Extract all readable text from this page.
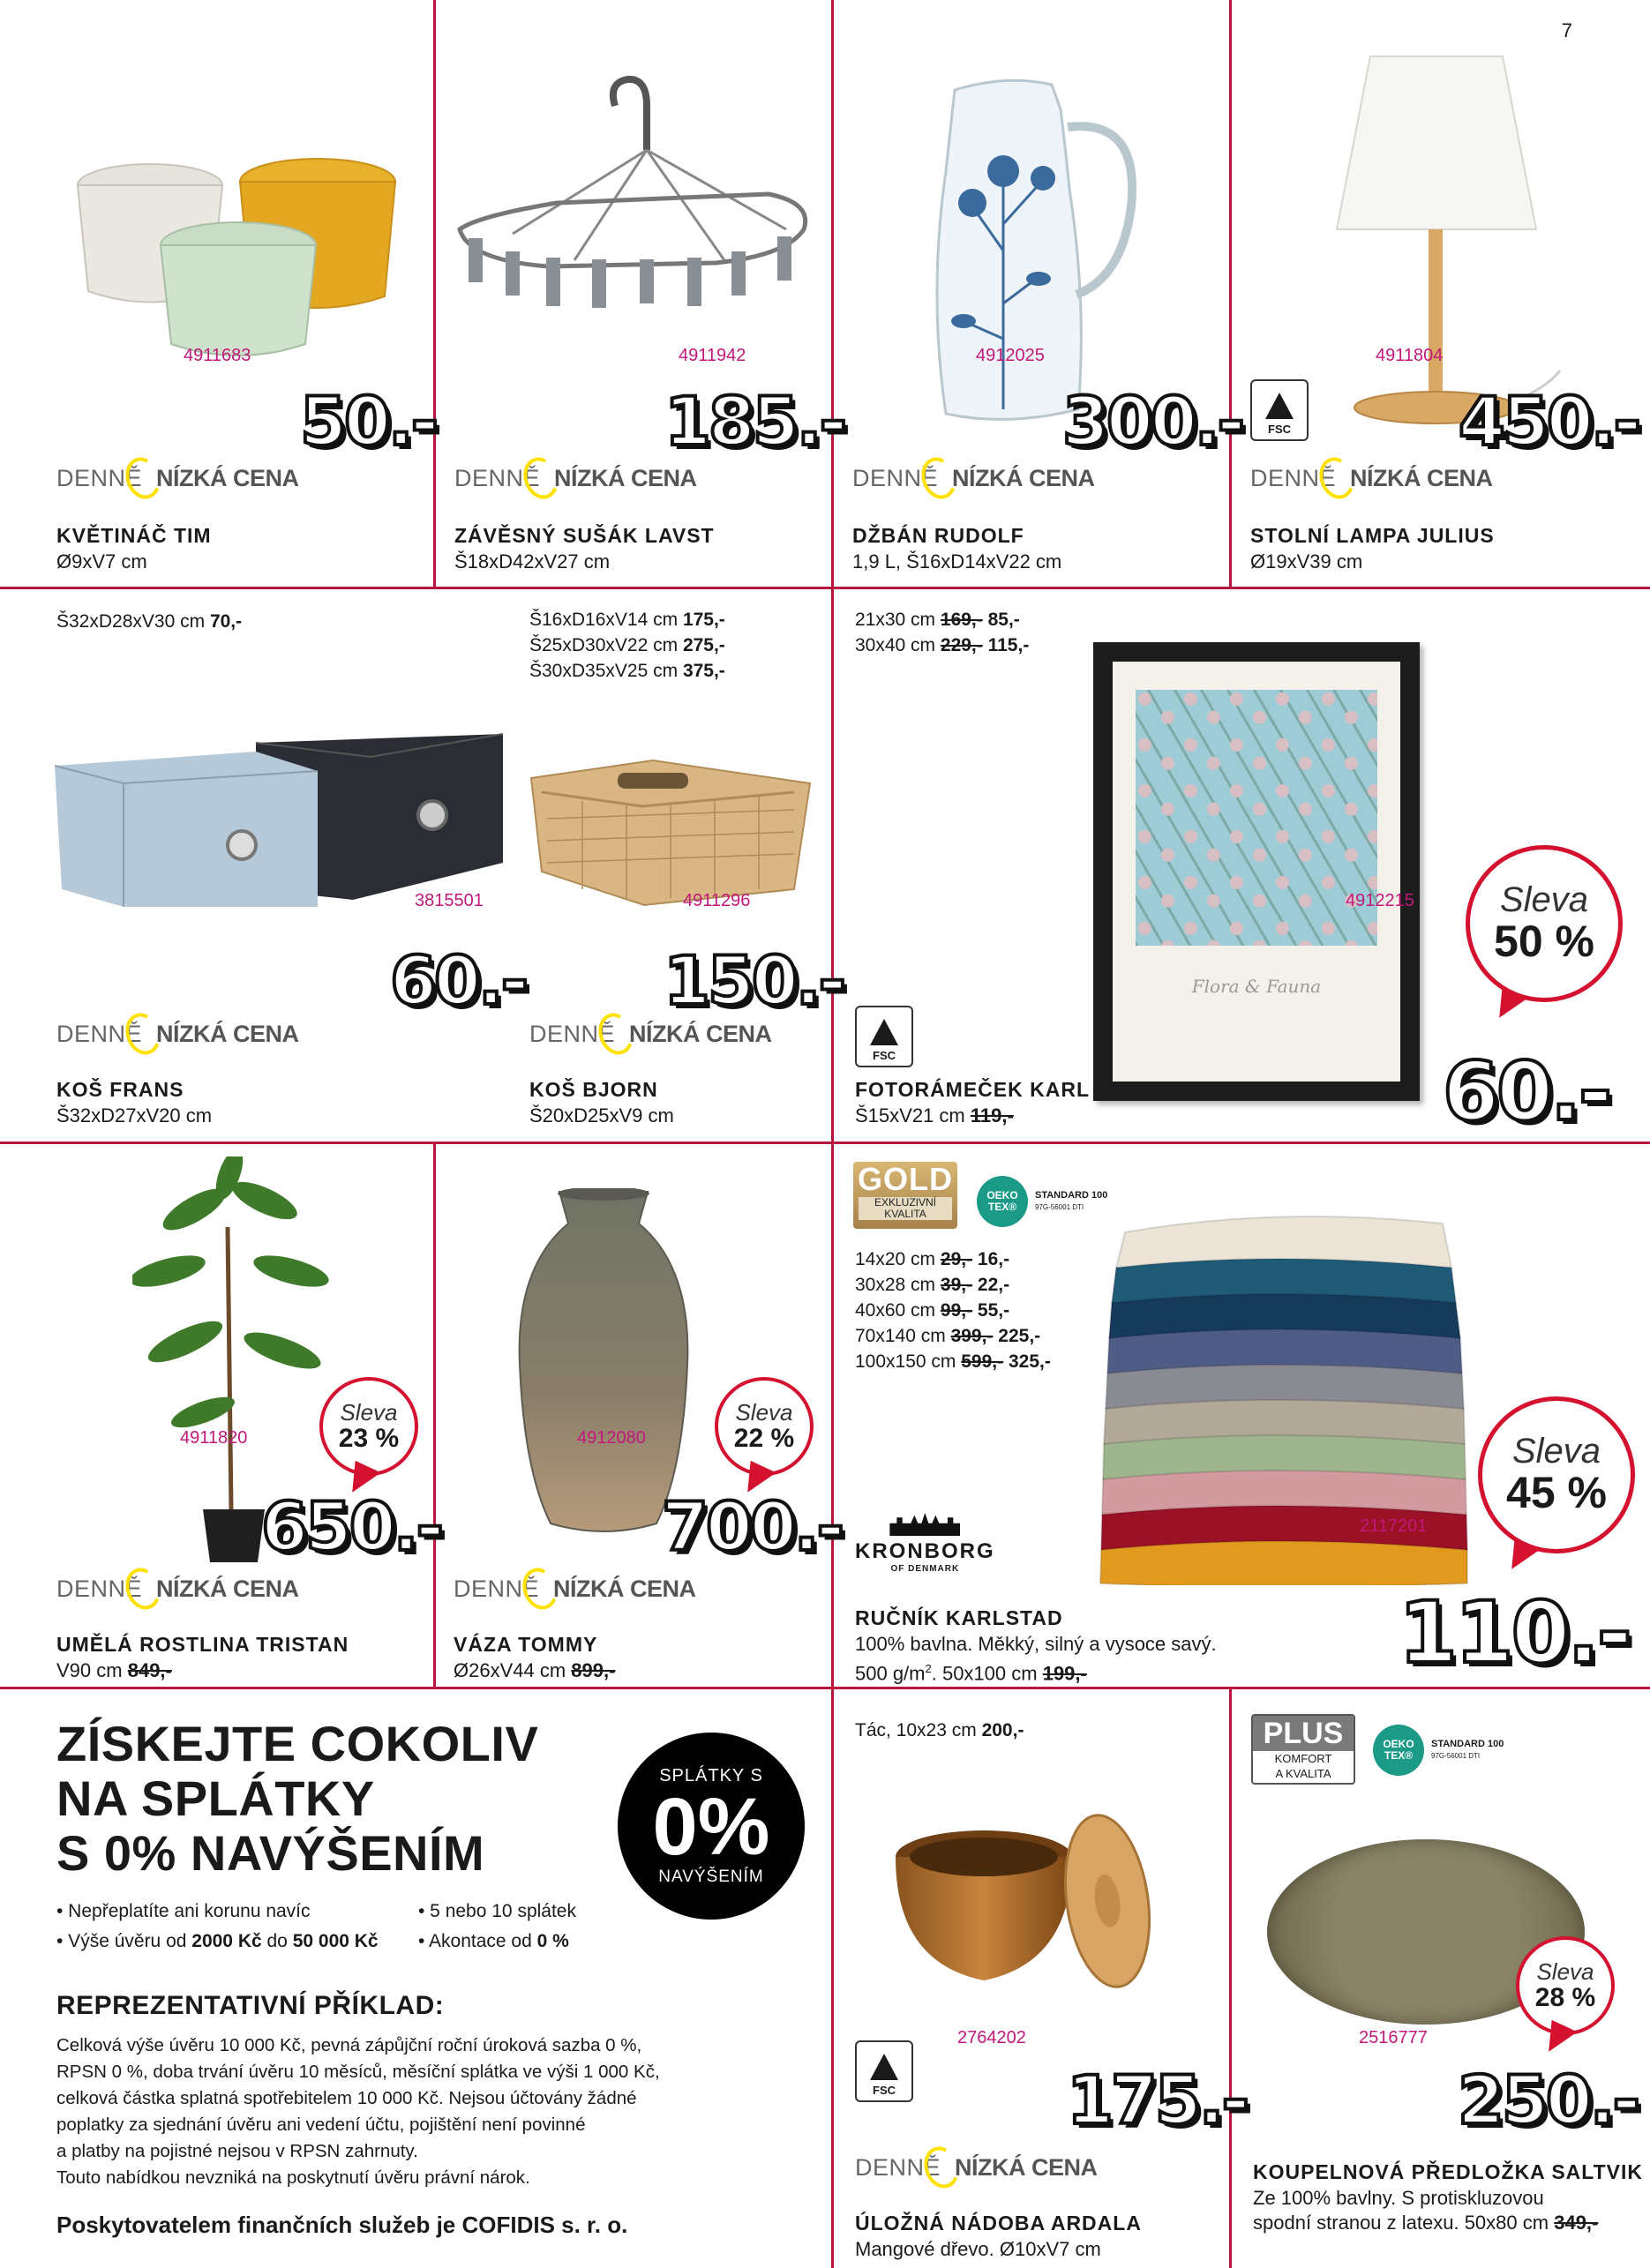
7
4911683
50.-
DENNĚ NÍZKÁ CENA
KVĚTINÁČ TIM
Ø9xV7 cm
4911942
185.-
DENNĚ NÍZKÁ CENA
ZÁVĚSNÝ SUŠÁK LAVST
Š18xD42xV27 cm
4912025
300.-
DENNĚ NÍZKÁ CENA
DŽBÁN RUDOLF
1,9 L, Š16xD14xV22 cm
FSC
4911804
450.-
DENNĚ NÍZKÁ CENA
STOLNÍ LAMPA JULIUS
Ø19xV39 cm
Š32xD28xV30 cm 70,-
3815501
60.-
DENNĚ NÍZKÁ CENA
KOŠ FRANS
Š32xD27xV20 cm
Š16xD16xV14 cm 175,-
Š25xD30xV22 cm 275,-
Š30xD35xV25 cm 375,-
4911296
150.-
DENNĚ NÍZKÁ CENA
KOŠ BJORN
Š20xD25xV9 cm
21x30 cm 169,- 85,-
30x40 cm 229,- 115,-
Flora & Fauna
4912215 Sleva
50 %
60.-
FSC
FOTORÁMEČEK KARL
Š15xV21 cm 119,-
4911820
Sleva
23 %
650.-
DENNĚ NÍZKÁ CENA
UMĚLÁ ROSTLINA TRISTAN
V90 cm 849,-
4912080
Sleva
22 %
700.-
DENNĚ NÍZKÁ CENA
VÁZA TOMMY
Ø26xV44 cm 899,-
GOLD
EXKLUZIVNÍ
KVALITA
OEKO TEX®
STANDARD 100
97G-56001 DTI
14x20 cm 29,- 16,-
30x28 cm 39,- 22,-
40x60 cm 99,- 55,-
70x140 cm 399,- 225,-
100x150 cm 599,- 325,-
KRONBORG
OF DENMARK
2117201
Sleva
45 %
110.-
RUČNÍK KARLSTAD
100% bavlna. Měkký, silný a vysoce savý.
500 $g/m^2$. 50x100 cm 199,-
ZÍSKEJTE COKOLIV
NA SPLÁTKY
S 0% NAVÝŠENÍM
SPLÁTKY S
0%
NAVÝŠENÍM
• Nepřeplatíte ani korunu navíc
• Výše úvěru od 2000 Kč do 50 000 Kč
• 5 nebo 10 splátek
• Akontace od 0 %
REPREZENTATIVNÍ PŘÍKLAD:
Celková výše úvěru 10 000 Kč, pevná zápůjční roční úroková sazba 0 %,
RPSN 0 %, doba trvání úvěru 10 měsíců, měsíční splátka ve výši 1 000 Kč,
celková částka splatná spotřebitelem 10 000 Kč. Nejsou účtovány žádné
poplatky za sjednání úvěru ani vedení účtu, pojištění není povinné
a platby na pojistné nejsou v RPSN zahrnuty.
Touto nabídkou nevzniká na poskytnutí úvěru právní nárok.
Poskytovatelem finančních služeb je COFIDIS s. r. o.
Tác, 10x23 cm 200,-
FSC
2764202
175.-
DENNĚ NÍZKÁ CENA
ÚLOŽNÁ NÁDOBA ARDALA
Mangové dřevo. Ø10xV7 cm
PLUS
KOMFORT
A KVALITA
OEKO TEX®
STANDARD 100
97G-56001 DTI
Sleva
28 %
2516777
250.-
KOUPELNOVÁ PŘEDLOŽKA SALTVIK
Ze 100% bavlny. S protiskluzovou
spodní stranou z latexu. 50x80 cm 349,-
